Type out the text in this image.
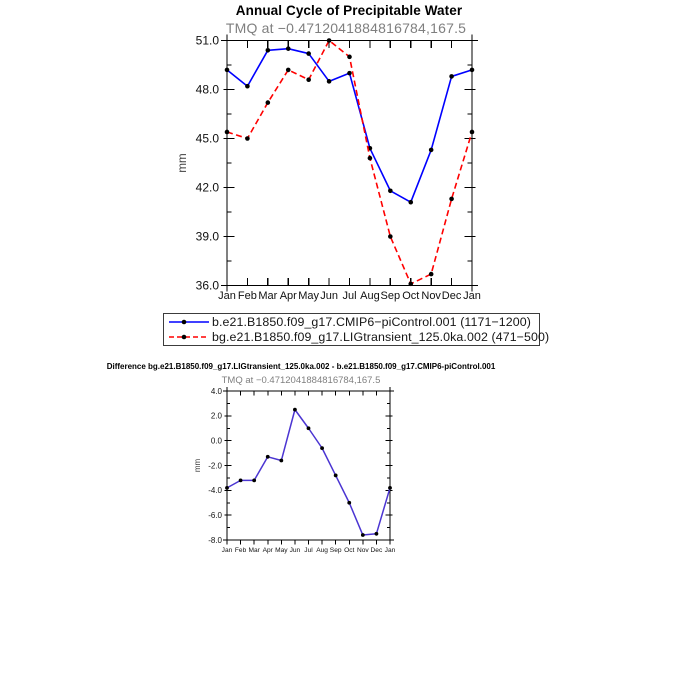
51.0
48.0
45.0
42.0
39.0
36.0
Jan Feb Mar Apr May Jun Jul Aug Sep Oct Nov Dec Jan
mm
4.0
2.0
0.0
-2.0
-4.0
-6.0
-8.0
Jan Feb Mar Apr May Jun Jul Aug Sep Oct Nov Dec Jan
mm
Annual Cycle of Precipitable Water
TMQ at −0.4712041884816784,167.5
b.e21.B1850.f09_g17.CMIP6−piControl.001 (1171−1200)
bg.e21.B1850.f09_g17.LIGtransient_125.0ka.002 (471−500)
Difference bg.e21.B1850.f09_g17.LIGtransient_125.0ka.002 - b.e21.B1850.f09_g17.CMIP6-piControl.001
TMQ at −0.4712041884816784,167.5
